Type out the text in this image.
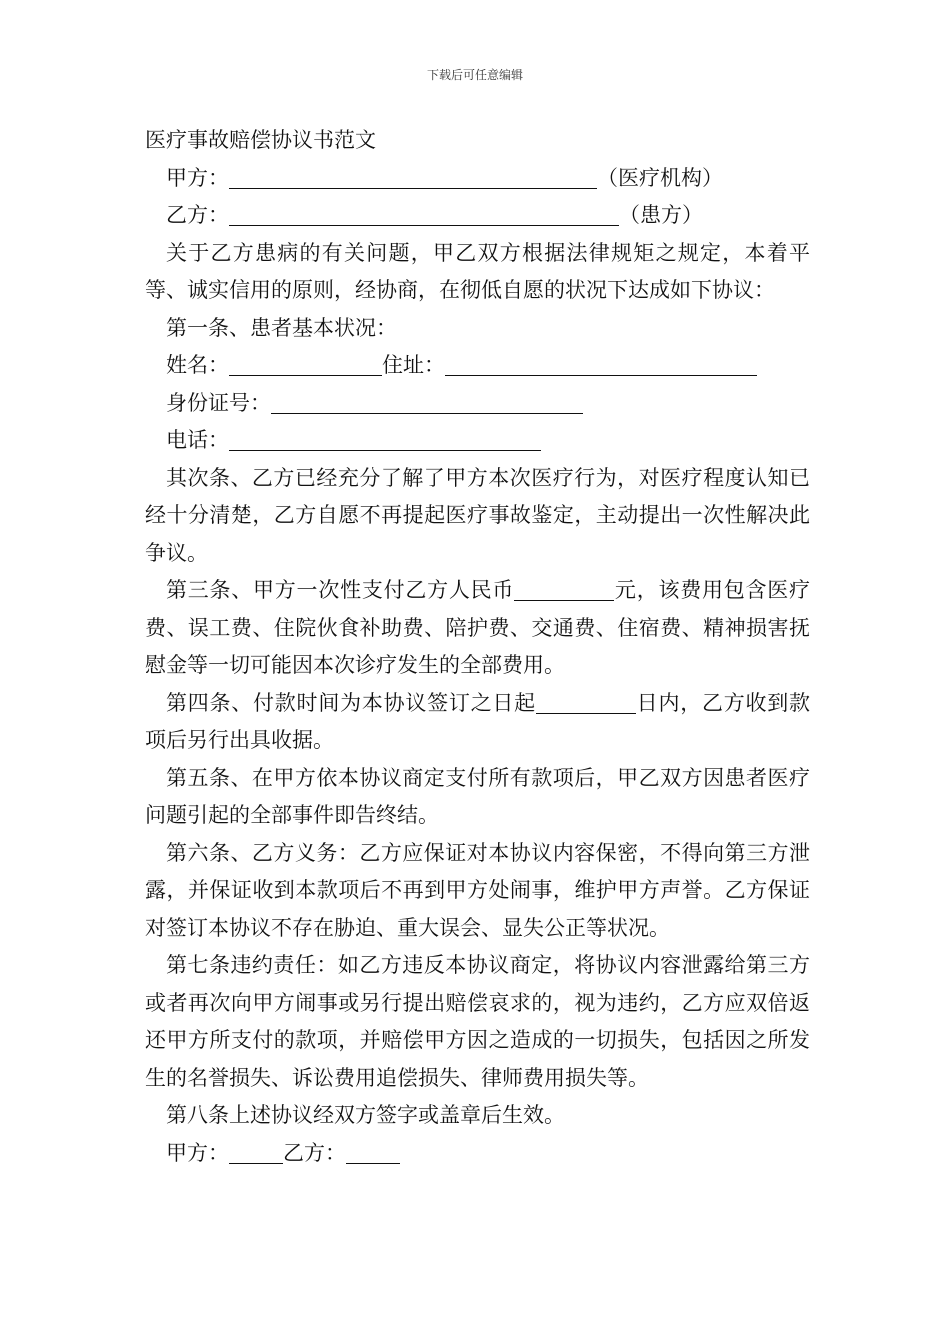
下载后可任意编辑

医疗事故赔偿协议书范文

甲方：	（医疗机构）

乙方：	（患方）

关于乙方患病的有关问题，甲乙双方根据法律规矩之规定，本着平等、诚实信用的原则，经协商，在彻低自愿的状况下达成如下协议：

第一条、患者基本状况：

姓名：	住址：

身份证号：

电话：

其次条、乙方已经充分了解了甲方本次医疗行为，对医疗程度认知已经十分清楚，乙方自愿不再提起医疗事故鉴定，主动提出一次性解决此争议。

第三条、甲方一次性支付乙方人民币	元，该费用包含医疗费、误工费、住院伙食补助费、陪护费、交通费、住宿费、精神损害抚慰金等一切可能因本次诊疗发生的全部费用。

第四条、付款时间为本协议签订之日起	日内，乙方收到款项后另行出具收据。

第五条、在甲方依本协议商定支付所有款项后，甲乙双方因患者医疗问题引起的全部事件即告终结。

第六条、乙方义务：乙方应保证对本协议内容保密，不得向第三方泄露，并保证收到本款项后不再到甲方处闹事，维护甲方声誉。乙方保证对签订本协议不存在胁迫、重大误会、显失公正等状况。

第七条违约责任：如乙方违反本协议商定，将协议内容泄露给第三方或者再次向甲方闹事或另行提出赔偿哀求的，视为违约，乙方应双倍返还甲方所支付的款项，并赔偿甲方因之造成的一切损失，包括因之所发生的名誉损失、诉讼费用追偿损失、律师费用损失等。

第八条上述协议经双方签字或盖章后生效。

甲方：	乙方：
